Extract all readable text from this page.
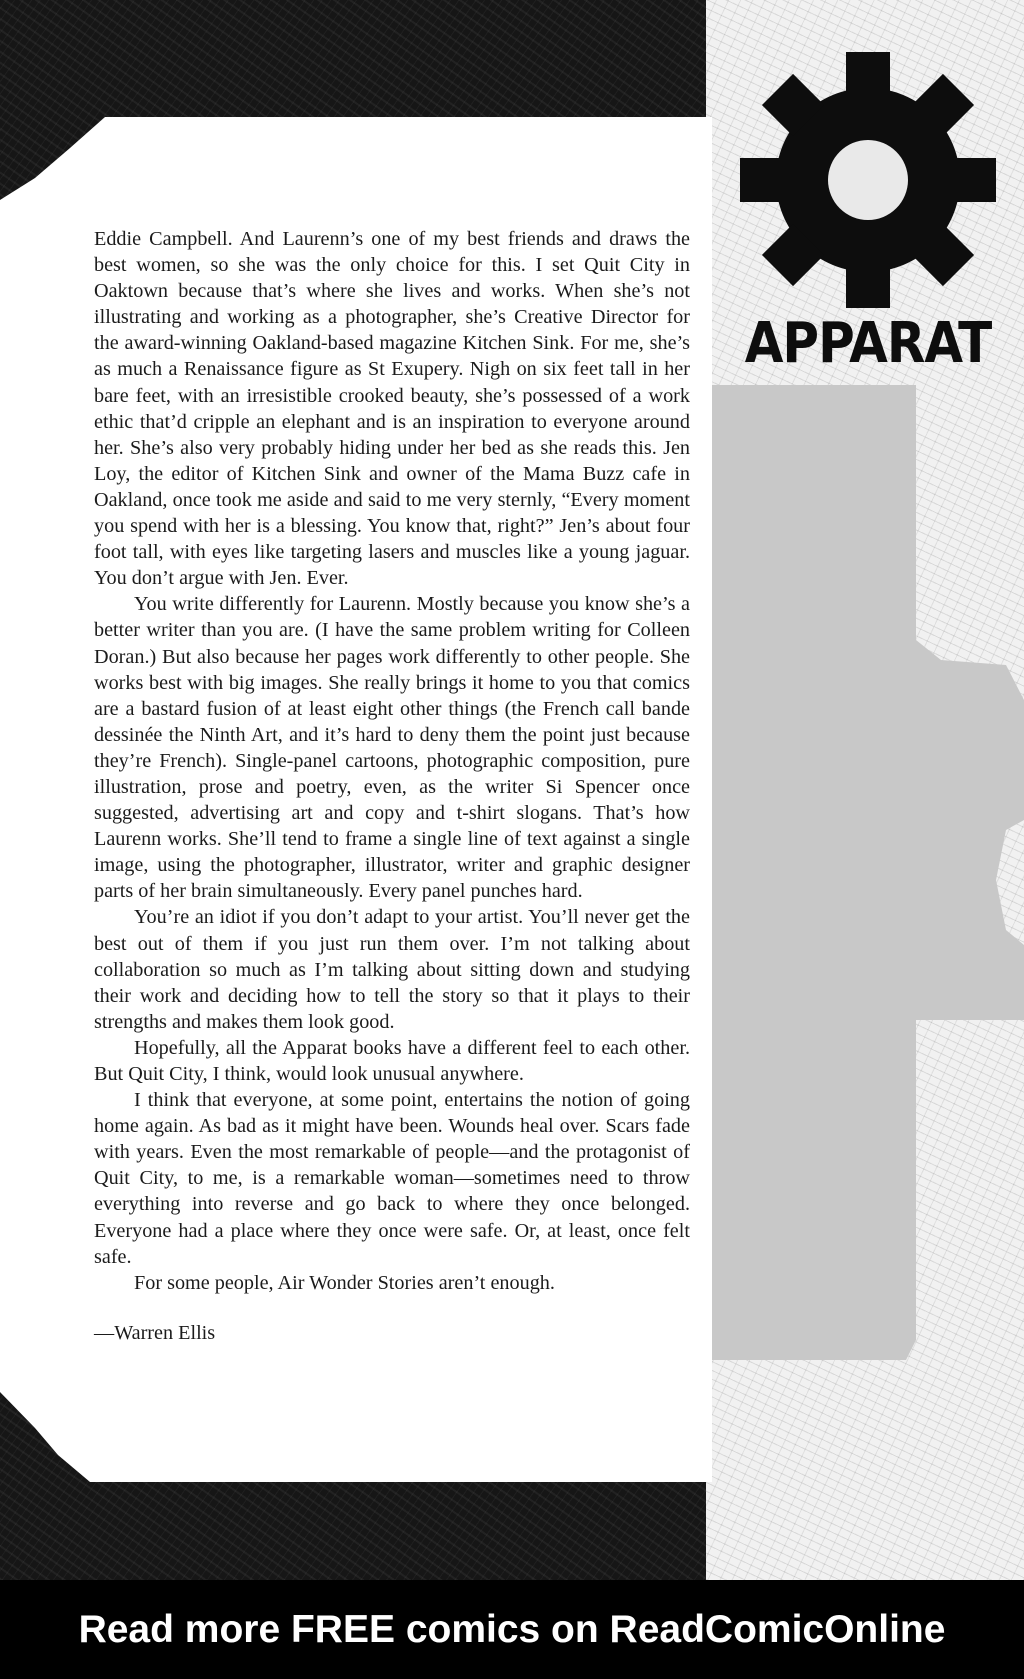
APPARAT

Eddie Campbell. And Laurenn’s one of my best friends and draws the best women, so she was the only choice for this. I set Quit City in Oaktown because that’s where she lives and works. When she’s not illustrating and working as a photographer, she’s Creative Director for the award-winning Oakland-based magazine Kitchen Sink. For me, she’s as much a Renaissance figure as St Exupery. Nigh on six feet tall in her bare feet, with an irresistible crooked beauty, she’s possessed of a work ethic that’d cripple an elephant and is an inspiration to everyone around her. She’s also very probably hiding under her bed as she reads this. Jen Loy, the editor of Kitchen Sink and owner of the Mama Buzz cafe in Oakland, once took me aside and said to me very sternly, “Every moment you spend with her is a blessing. You know that, right?” Jen’s about four foot tall, with eyes like targeting lasers and muscles like a young jaguar. You don’t argue with Jen. Ever.

You write differently for Laurenn. Mostly because you know she’s a better writer than you are. (I have the same problem writing for Colleen Doran.) But also because her pages work differently to other people. She works best with big images. She really brings it home to you that comics are a bastard fusion of at least eight other things (the French call bande dessinée the Ninth Art, and it’s hard to deny them the point just because they’re French). Single-panel cartoons, photographic composition, pure illustration, prose and poetry, even, as the writer Si Spencer once suggested, advertising art and copy and t-shirt slogans. That’s how Laurenn works. She’ll tend to frame a single line of text against a single image, using the photographer, illustrator, writer and graphic designer parts of her brain simultaneously. Every panel punches hard.

You’re an idiot if you don’t adapt to your artist. You’ll never get the best out of them if you just run them over. I’m not talking about collaboration so much as I’m talking about sitting down and studying their work and deciding how to tell the story so that it plays to their strengths and makes them look good.

Hopefully, all the Apparat books have a different feel to each other. But Quit City, I think, would look unusual anywhere.

I think that everyone, at some point, entertains the notion of going home again. As bad as it might have been. Wounds heal over. Scars fade with years. Even the most remarkable of people—and the protagonist of Quit City, to me, is a remarkable woman—sometimes need to throw everything into reverse and go back to where they once belonged. Everyone had a place where they once were safe. Or, at least, once felt safe.

For some people, Air Wonder Stories aren’t enough.

—Warren Ellis

Read more FREE comics on ReadComicOnline
